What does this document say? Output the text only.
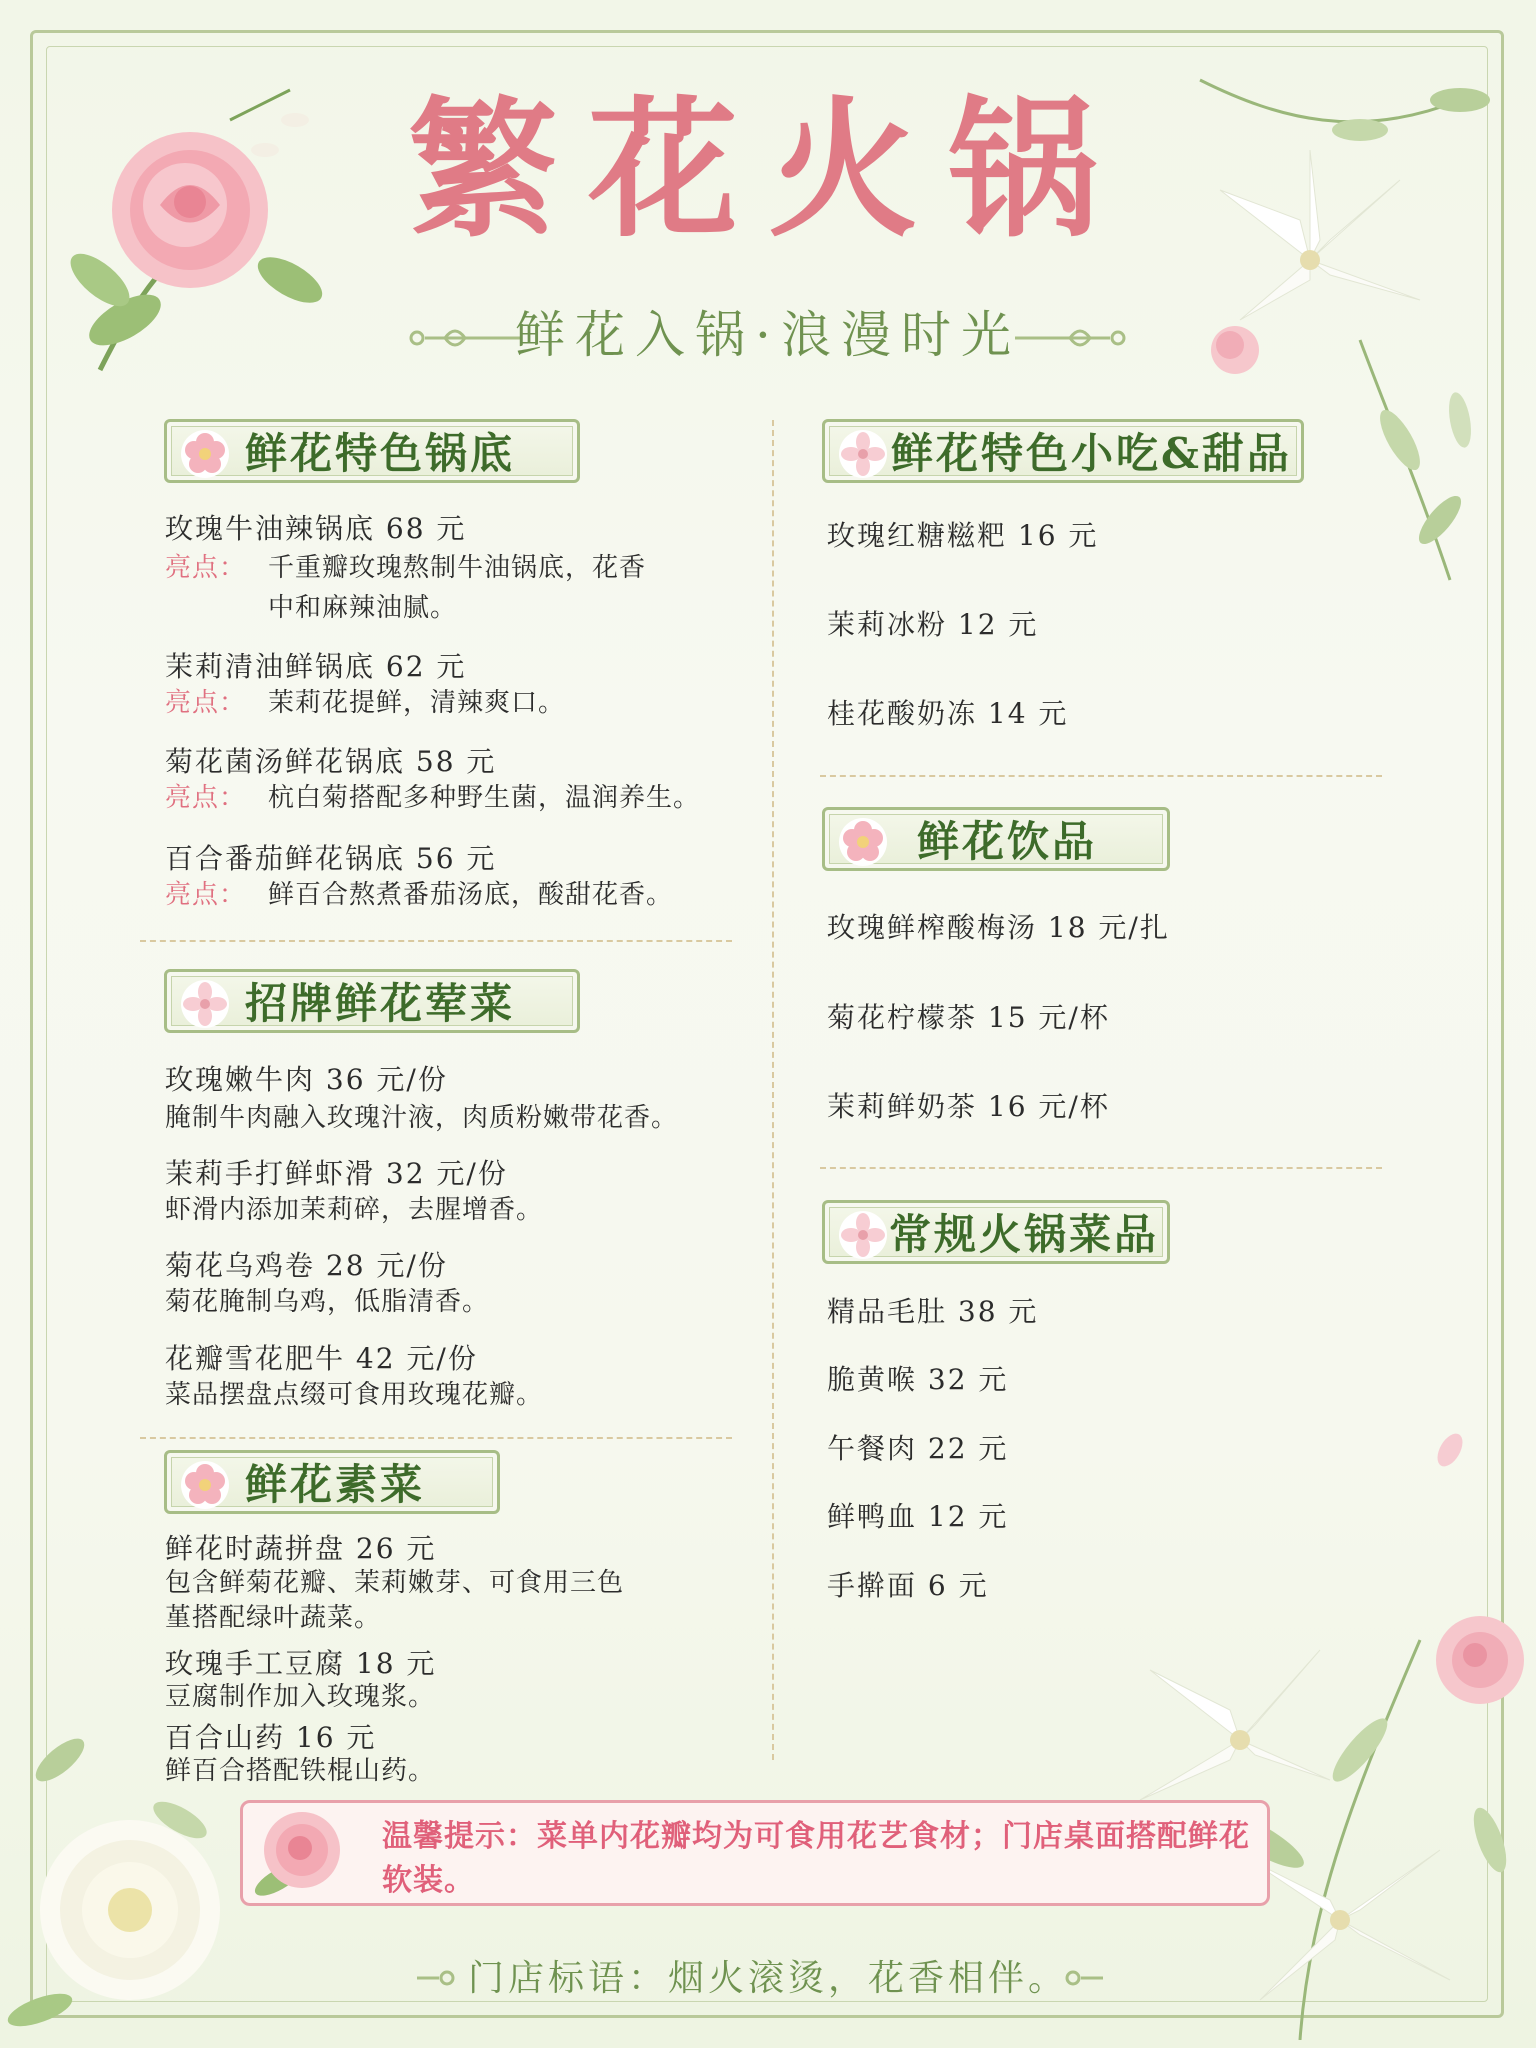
繁花火锅
鲜花入锅·浪漫时光
鲜花特色锅底
玫瑰牛油辣锅底 68 元
亮点： 千重瓣玫瑰熬制牛油锅底，花香
中和麻辣油腻。
茉莉清油鲜锅底 62 元
亮点： 茉莉花提鲜，清辣爽口。
菊花菌汤鲜花锅底 58 元
亮点： 杭白菊搭配多种野生菌，温润养生。
百合番茄鲜花锅底 56 元
亮点： 鲜百合熬煮番茄汤底，酸甜花香。
招牌鲜花荤菜
玫瑰嫩牛肉 36 元/份
腌制牛肉融入玫瑰汁液，肉质粉嫩带花香。
茉莉手打鲜虾滑 32 元/份
虾滑内添加茉莉碎，去腥增香。
菊花乌鸡卷 28 元/份
菊花腌制乌鸡，低脂清香。
花瓣雪花肥牛 42 元/份
菜品摆盘点缀可食用玫瑰花瓣。
鲜花素菜
鲜花时蔬拼盘 26 元
包含鲜菊花瓣、茉莉嫩芽、可食用三色
堇搭配绿叶蔬菜。
玫瑰手工豆腐 18 元
豆腐制作加入玫瑰浆。
百合山药 16 元
鲜百合搭配铁棍山药。
鲜花特色小吃&甜品
玫瑰红糖糍粑 16 元
茉莉冰粉 12 元
桂花酸奶冻 14 元
鲜花饮品
玫瑰鲜榨酸梅汤 18 元/扎
菊花柠檬茶 15 元/杯
茉莉鲜奶茶 16 元/杯
常规火锅菜品
精品毛肚 38 元
脆黄喉 32 元
午餐肉 22 元
鲜鸭血 12 元
手擀面 6 元
温馨提示：菜单内花瓣均为可食用花艺食材；门店桌面搭配鲜花软装。
门店标语：烟火滚烫，花香相伴。
